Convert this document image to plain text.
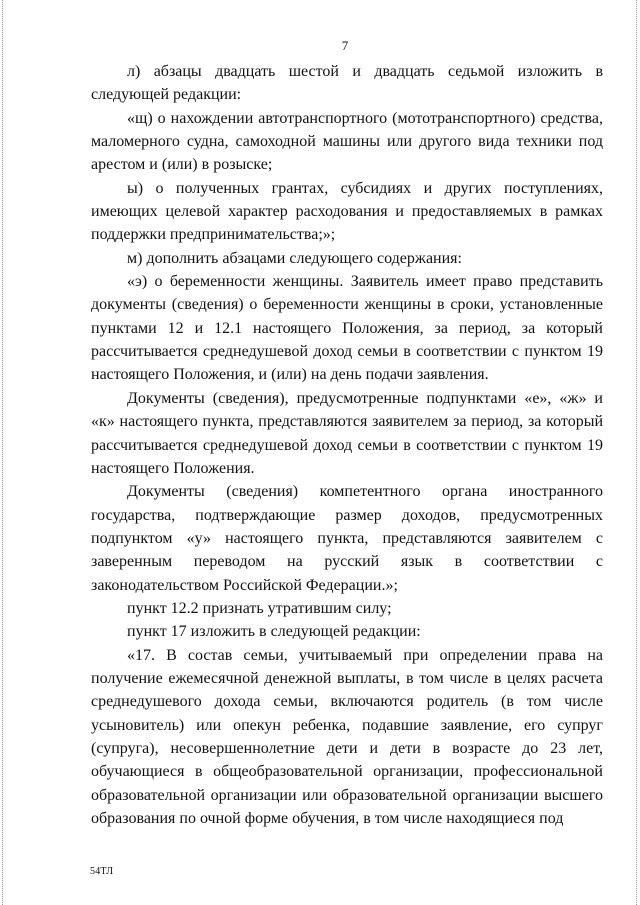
7

л) абзацы двадцать шестой и двадцать седьмой изложить в следующей редакции:

«щ) о нахождении автотранспортного (мототранспортного) средства, маломерного судна, самоходной машины или другого вида техники под арестом и (или) в розыске;

ы) о полученных грантах, субсидиях и других поступлениях, имеющих целевой характер расходования и предоставляемых в рамках поддержки предпринимательства;»;

м) дополнить абзацами следующего содержания:

«э) о беременности женщины. Заявитель имеет право представить документы (сведения) о беременности женщины в сроки, установленные пунктами 12 и 12.1 настоящего Положения, за период, за который рассчитывается среднедушевой доход семьи в соответствии с пунктом 19 настоящего Положения, и (или) на день подачи заявления.

Документы (сведения), предусмотренные подпунктами «е», «ж» и «к» настоящего пункта, представляются заявителем за период, за который рассчитывается среднедушевой доход семьи в соответствии с пунктом 19 настоящего Положения.

Документы (сведения) компетентного органа иностранного государства, подтверждающие размер доходов, предусмотренных подпунктом «у» настоящего пункта, представляются заявителем с заверенным переводом на русский язык в соответствии с законодательством Российской Федерации.»;

пункт 12.2 признать утратившим силу;

пункт 17 изложить в следующей редакции:

«17. В состав семьи, учитываемый при определении права на получение ежемесячной денежной выплаты, в том числе в целях расчета среднедушевого дохода семьи, включаются родитель (в том числе усыновитель) или опекун ребенка, подавшие заявление, его супруг (супруга), несовершеннолетние дети и дети в возрасте до 23 лет, обучающиеся в общеобразовательной организации, профессиональной образовательной организации или образовательной организации высшего образования по очной форме обучения, в том числе находящиеся под

54ТЛ
